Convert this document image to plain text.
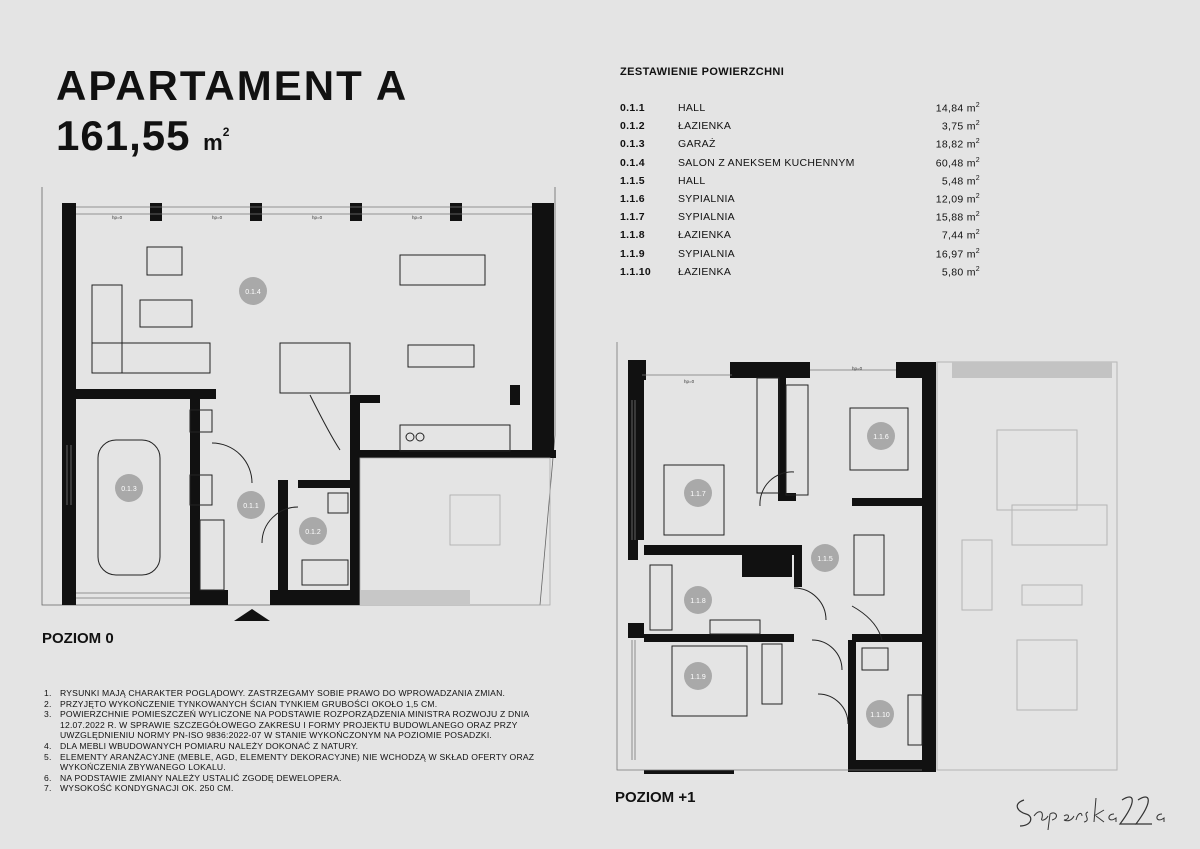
APARTAMENT A
161,55 $m^2$
ZESTAWIENIE POWIERZCHNI
0.1.1	HALL	14,84 $m^2$
0.1.2	ŁAZIENKA	3,75 $m^2$
0.1.3	GARAŻ	18,82 $m^2$
0.1.4	SALON Z ANEKSEM KUCHENNYM	60,48 $m^2$
1.1.5	HALL	5,48 $m^2$
1.1.6	SYPIALNIA	12,09 $m^2$
1.1.7	SYPIALNIA	15,88 $m^2$
1.1.8	ŁAZIENKA	7,44 $m^2$
1.1.9	SYPIALNIA	16,97 $m^2$
1.1.10	ŁAZIENKA	5,80 $m^2$
0.1.4
0.1.3
0.1.1
0.1.2
hp=0	hp=0	hp=0	hp=0
POZIOM 0
1.1.6
1.1.7
1.1.5
1.1.8
1.1.9
1.1.10
hp=0
hp=0
POZIOM +1
1. RYSUNKI MAJĄ CHARAKTER POGLĄDOWY. ZASTRZEGAMY SOBIE PRAWO DO WPROWADZANIA ZMIAN.
2. PRZYJĘTO WYKOŃCZENIE TYNKOWANYCH ŚCIAN TYNKIEM GRUBOŚCI OKOŁO 1,5 CM.
3. POWIERZCHNIE POMIESZCZEŃ WYLICZONE NA PODSTAWIE ROZPORZĄDZENIA MINISTRA ROZWOJU Z DNIA 12.07.2022 R. W SPRAWIE SZCZEGÓŁOWEGO ZAKRESU I FORMY PROJEKTU BUDOWLANEGO ORAZ PRZY UWZGLĘDNIENIU NORMY PN-ISO 9836:2022-07 W STANIE WYKOŃCZONYM NA POZIOMIE POSADZKI.
4. DLA MEBLI WBUDOWANYCH POMIARU NALEŻY DOKONAĆ Z NATURY.
5. ELEMENTY ARANŻACYJNE (MEBLE, AGD, ELEMENTY DEKORACYJNE) NIE WCHODZĄ W SKŁAD OFERTY ORAZ WYKOŃCZENIA ZBYWANEGO LOKALU.
6. NA PODSTAWIE ZMIANY NALEŻY USTALIĆ ZGODĘ DEWELOPERA.
7. WYSOKOŚĆ KONDYGNACJI OK. 250 CM.
